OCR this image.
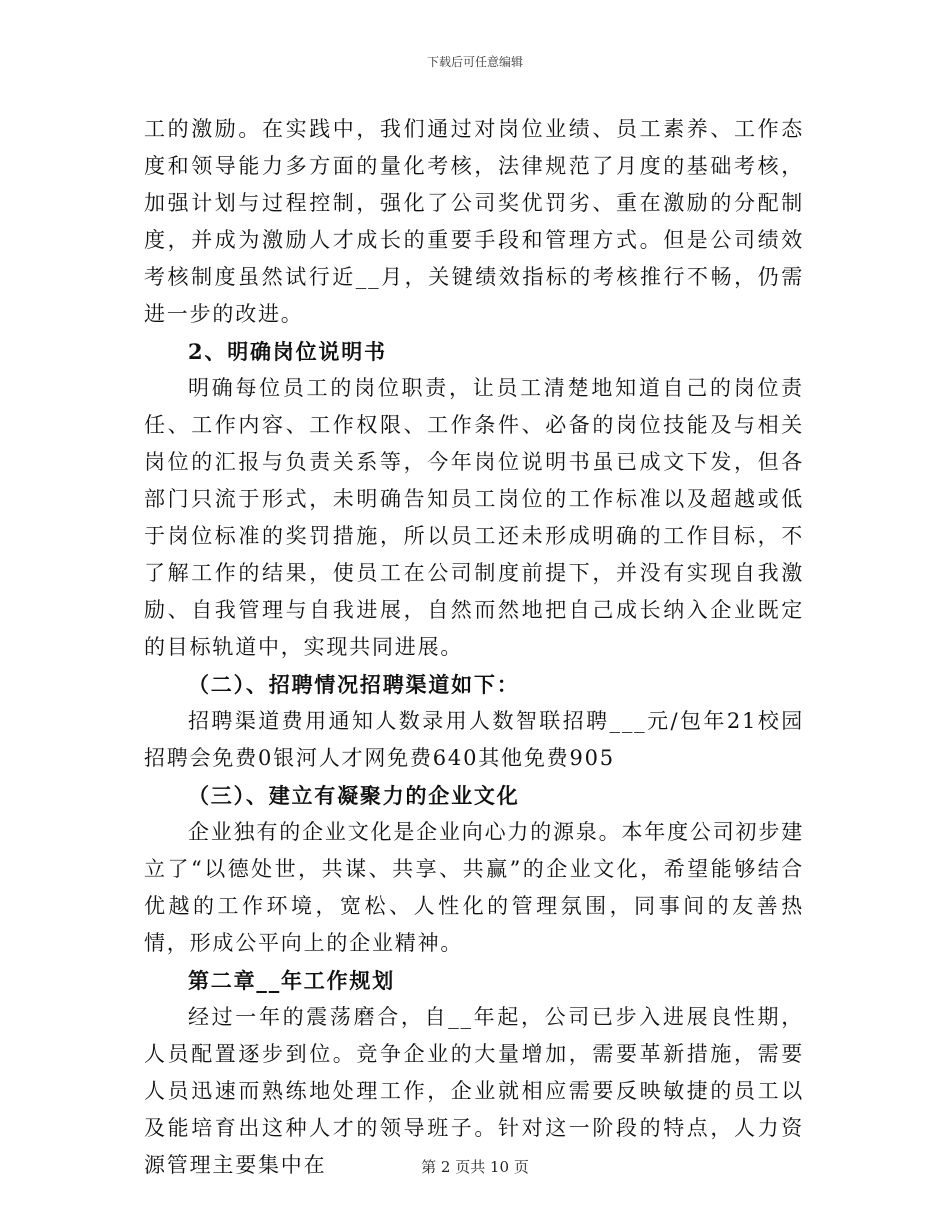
下载后可任意编辑

工的激励。在实践中，我们通过对岗位业绩、员工素养、工作态度和领导能力多方面的量化考核，法律规范了月度的基础考核，加强计划与过程控制，强化了公司奖优罚劣、重在激励的分配制度，并成为激励人才成长的重要手段和管理方式。但是公司绩效考核制度虽然试行近__月，关键绩效指标的考核推行不畅，仍需进一步的改进。

2、明确岗位说明书

明确每位员工的岗位职责，让员工清楚地知道自己的岗位责任、工作内容、工作权限、工作条件、必备的岗位技能及与相关岗位的汇报与负责关系等，今年岗位说明书虽已成文下发，但各部门只流于形式，未明确告知员工岗位的工作标准以及超越或低于岗位标准的奖罚措施，所以员工还未形成明确的工作目标，不了解工作的结果，使员工在公司制度前提下，并没有实现自我激励、自我管理与自我进展，自然而然地把自己成长纳入企业既定的目标轨道中，实现共同进展。

（二）、招聘情况招聘渠道如下：

招聘渠道费用通知人数录用人数智联招聘___元/包年21校园招聘会免费0银河人才网免费640其他免费905

（三）、建立有凝聚力的企业文化

企业独有的企业文化是企业向心力的源泉。本年度公司初步建立了“以德处世，共谋、共享、共赢”的企业文化，希望能够结合优越的工作环境，宽松、人性化的管理氛围，同事间的友善热情，形成公平向上的企业精神。

第二章__年工作规划

经过一年的震荡磨合，自__年起，公司已步入进展良性期，人员配置逐步到位。竞争企业的大量增加，需要革新措施，需要人员迅速而熟练地处理工作，企业就相应需要反映敏捷的员工以及能培育出这种人才的领导班子。针对这一阶段的特点，人力资源管理主要集中在	第 2 页共 10 页
